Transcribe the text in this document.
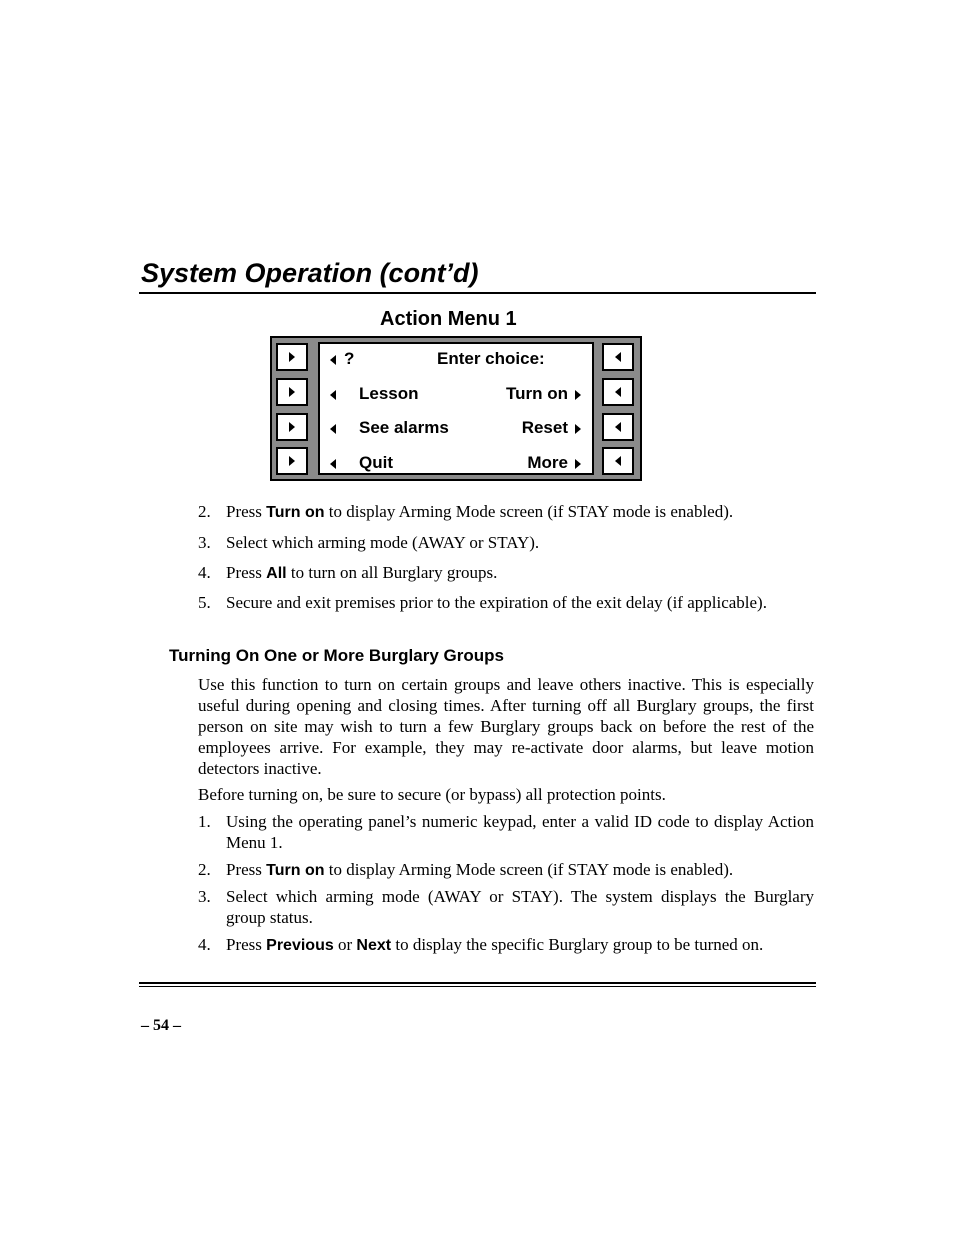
System Operation (cont’d)
Action Menu 1
?	Enter choice:
Lesson	Turn on
See alarms	Reset
Quit	More
2. Press Turn on to display Arming Mode screen (if STAY mode is enabled).
3. Select which arming mode (AWAY or STAY).
4. Press All to turn on all Burglary groups.
5. Secure and exit premises prior to the expiration of the exit delay (if applicable).
Turning On One or More Burglary Groups
Use this function to turn on certain groups and leave others inactive. This is especially useful during opening and closing times. After turning off all Burglary groups, the first person on site may wish to turn a few Burglary groups back on before the rest of the employees arrive. For example, they may re-activate door alarms, but leave motion detectors inactive.
Before turning on, be sure to secure (or bypass) all protection points.
1. Using the operating panel’s numeric keypad, enter a valid ID code to display Action Menu 1.
2. Press Turn on to display Arming Mode screen (if STAY mode is enabled).
3. Select which arming mode (AWAY or STAY). The system displays the Burglary group status.
4. Press Previous or Next to display the specific Burglary group to be turned on.
– 54 –
